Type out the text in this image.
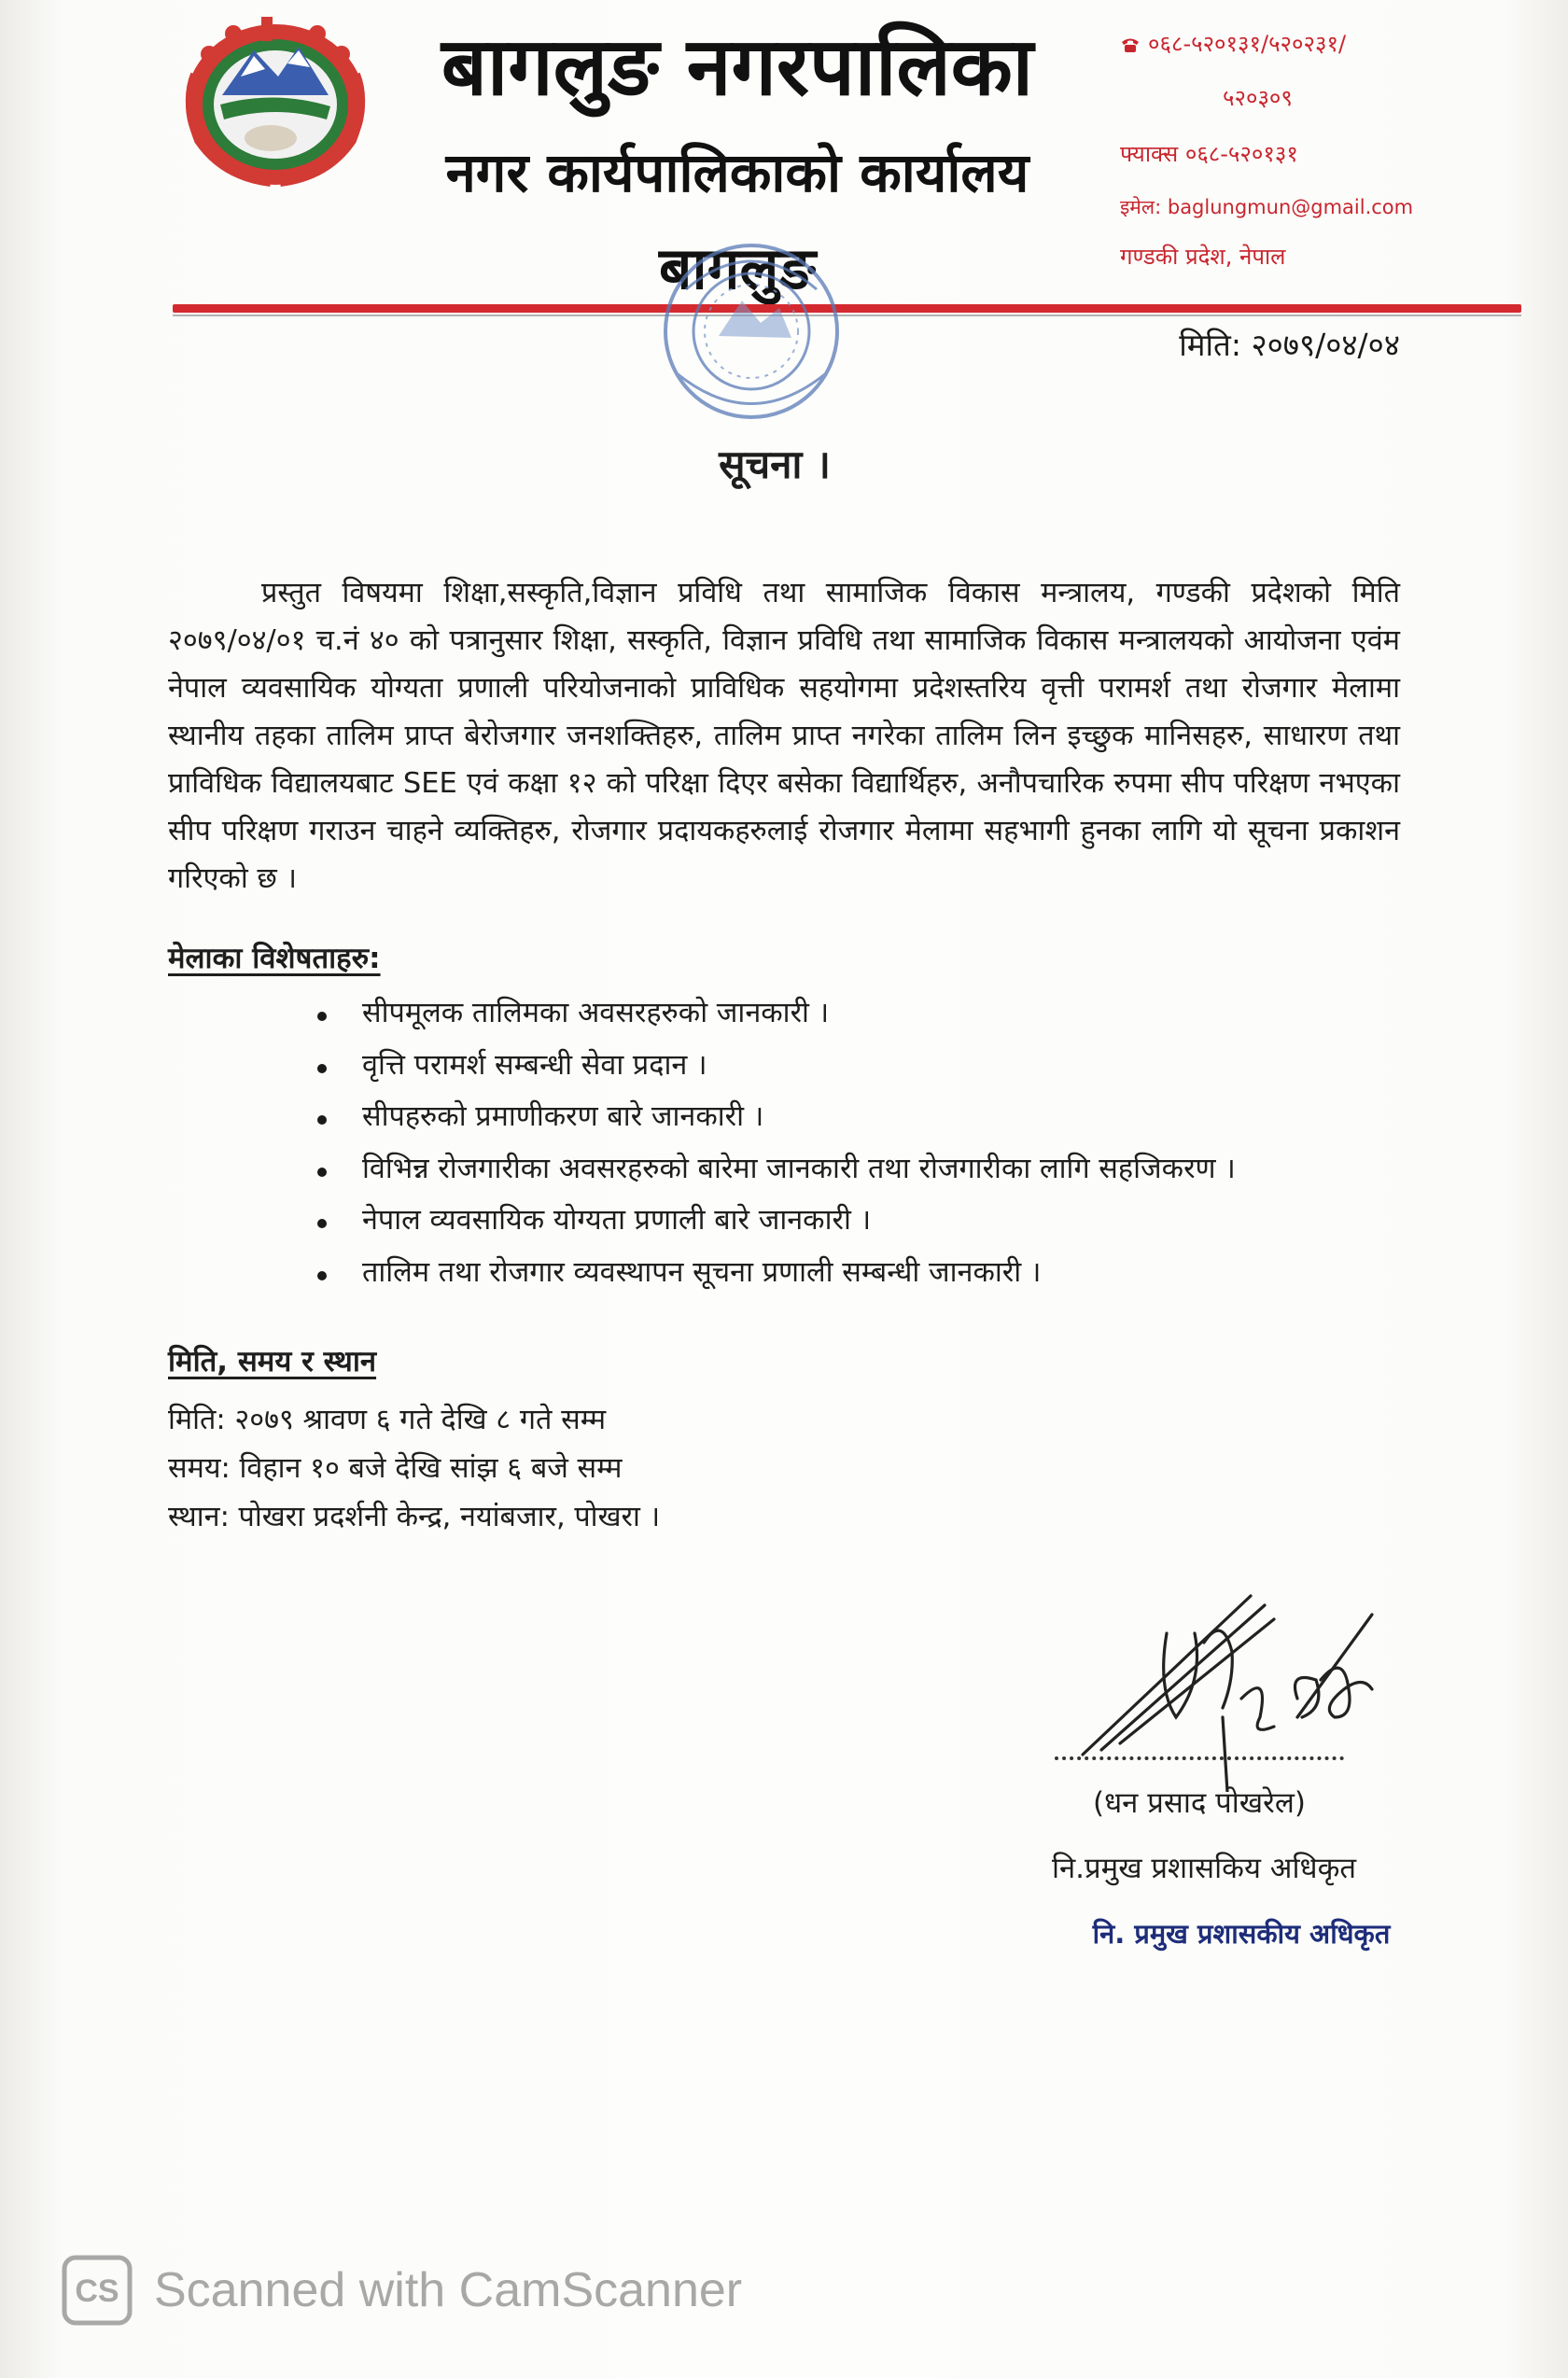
बागलुङ नगरपालिका
नगर कार्यपालिकाको कार्यालय
बागलुङ
०६८-५२०१३१/५२०२३१/
५२०३०९
फ्याक्स ०६८-५२०१३१
इमेल: baglungmun@gmail.com
गण्डकी प्रदेश, नेपाल
मिति: २०७९/०४/०४
सूचना ।

प्रस्तुत विषयमा शिक्षा,सस्कृति,विज्ञान प्रविधि तथा सामाजिक विकास मन्त्रालय, गण्डकी प्रदेशको मिति २०७९/०४/०१ च.नं ४० को पत्रानुसार शिक्षा, सस्कृति, विज्ञान प्रविधि तथा सामाजिक विकास मन्त्रालयको आयोजना एवंम नेपाल व्यवसायिक योग्यता प्रणाली परियोजनाको प्राविधिक सहयोगमा प्रदेशस्तरिय वृत्ती परामर्श तथा रोजगार मेलामा स्थानीय तहका तालिम प्राप्त बेरोजगार जनशक्तिहरु, तालिम प्राप्त नगरेका तालिम लिन इच्छुक मानिसहरु, साधारण तथा प्राविधिक विद्यालयबाट SEE एवं कक्षा १२ को परिक्षा दिएर बसेका विद्यार्थिहरु, अनौपचारिक रुपमा सीप परिक्षण नभएका सीप परिक्षण गराउन चाहने व्यक्तिहरु, रोजगार प्रदायकहरुलाई रोजगार मेलामा सहभागी हुनका लागि यो सूचना प्रकाशन गरिएको छ ।

मेलाका विशेषताहरु:
सीपमूलक तालिमका अवसरहरुको जानकारी ।
वृत्ति परामर्श सम्बन्धी सेवा प्रदान ।
सीपहरुको प्रमाणीकरण बारे जानकारी ।
विभिन्न रोजगारीका अवसरहरुको बारेमा जानकारी तथा रोजगारीका लागि सहजिकरण ।
नेपाल व्यवसायिक योग्यता प्रणाली बारे जानकारी ।
तालिम तथा रोजगार व्यवस्थापन सूचना प्रणाली सम्बन्धी जानकारी ।
मिति, समय र स्थान
मिति: २०७९ श्रावण ६ गते देखि ८ गते सम्म
समय: विहान १० बजे देखि सांझ ६ बजे सम्म
स्थान: पोखरा प्रदर्शनी केन्द्र, नयांबजार, पोखरा ।
(धन प्रसाद पोखरेल)
नि.प्रमुख प्रशासकिय अधिकृत
नि. प्रमुख प्रशासकीय अधिकृत
CS Scanned with CamScanner
